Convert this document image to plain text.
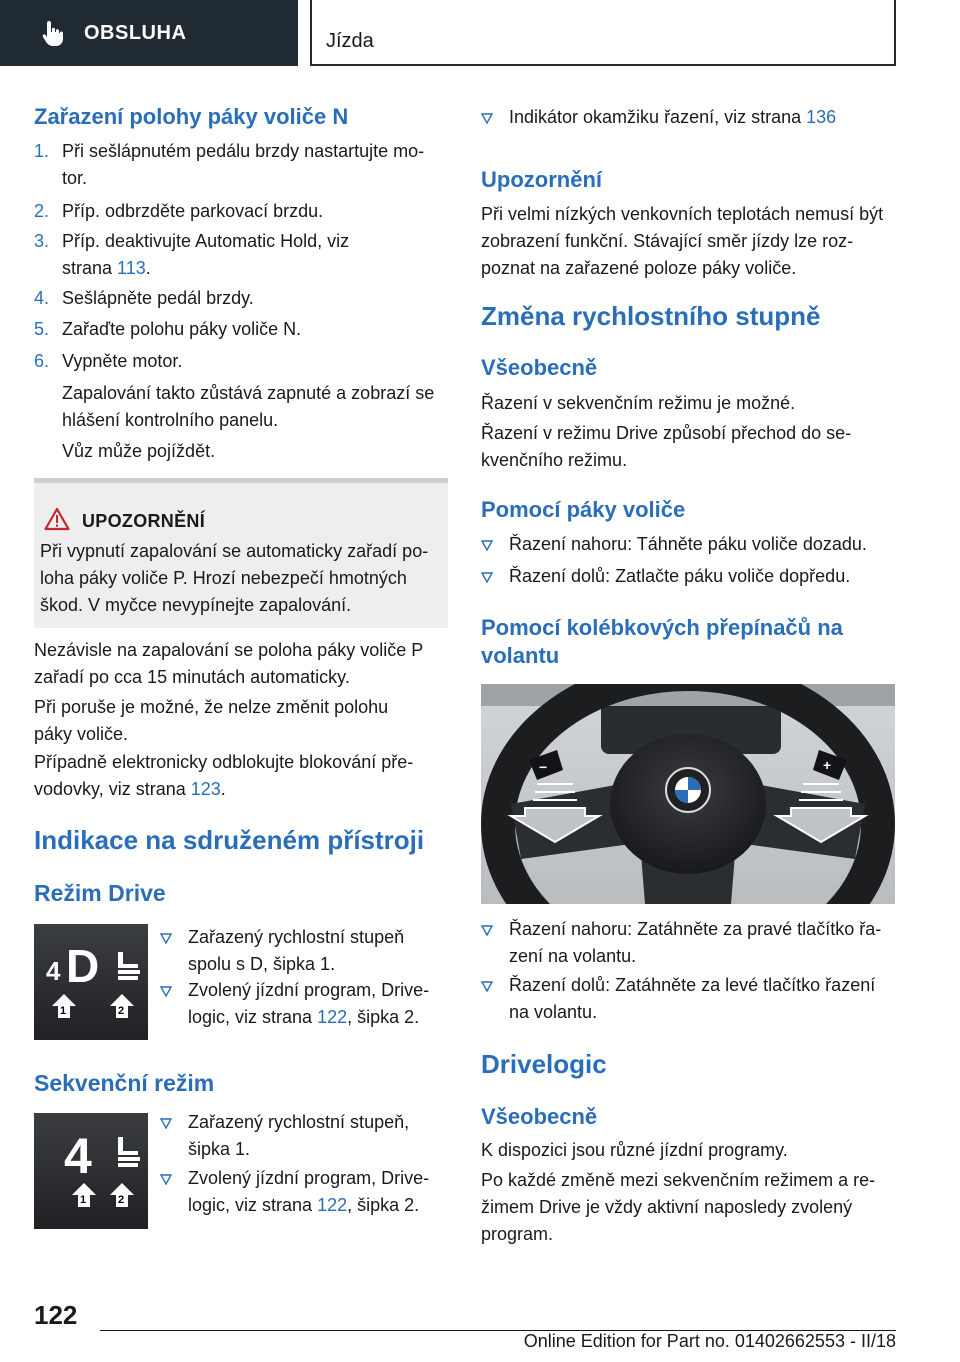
OBSLUHA	Jízda
Zařazení polohy páky voliče N
1. Při sešlápnutém pedálu brzdy nastartujte mo-tor.
2. Příp. odbrzděte parkovací brzdu.
3. Příp. deaktivujte Automatic Hold, viz strana 113.
4. Sešlápněte pedál brzdy.
5. Zařaďte polohu páky voliče N.
6. Vypněte motor.

Zapalování takto zůstává zapnuté a zobrazí se hlášení kontrolního panelu.

Vůz může pojíždět.

UPOZORNĚNÍ
Při vypnutí zapalování se automaticky zařadí po-loha páky voliče P. Hrozí nebezpečí hmotných škod. V myčce nevypínejte zapalování.

Nezávisle na zapalování se poloha páky voliče P zařadí po cca 15 minutách automaticky.

Při poruše je možné, že nelze změnit polohu páky voliče.

Případně elektronicky odblokujte blokování pře-vodovky, viz strana 123.

Indikace na sdruženém přístroji
Režim Drive
4 D
1	2
Zařazený rychlostní stupeň spolu s D, šipka 1.
Zvolený jízdní program, Drive-logic, viz strana 122, šipka 2.
Sekvenční režim
4
1	2
Zařazený rychlostní stupeň, šipka 1.
Zvolený jízdní program, Drive-logic, viz strana 122, šipka 2.
Indikátor okamžiku řazení, viz strana 136
Upozornění

Při velmi nízkých venkovních teplotách nemusí být zobrazení funkční. Stávající směr jízdy lze roz-poznat na zařazené poloze páky voliče.

Změna rychlostního stupně
Všeobecně

Řazení v sekvenčním režimu je možné.

Řazení v režimu Drive způsobí přechod do se-kvenčního režimu.

Pomocí páky voliče
Řazení nahoru: Táhněte páku voliče dozadu.
Řazení dolů: Zatlačte páku voliče dopředu.
Pomocí kolébkových přepínačů na volantu
−	+
Řazení nahoru: Zatáhněte za pravé tlačítko řa-zení na volantu.
Řazení dolů: Zatáhněte za levé tlačítko řazení na volantu.
Drivelogic
Všeobecně

K dispozici jsou různé jízdní programy.

Po každé změně mezi sekvenčním režimem a re-žimem Drive je vždy aktivní naposledy zvolený program.

122
Online Edition for Part no. 01402662553 - II/18
